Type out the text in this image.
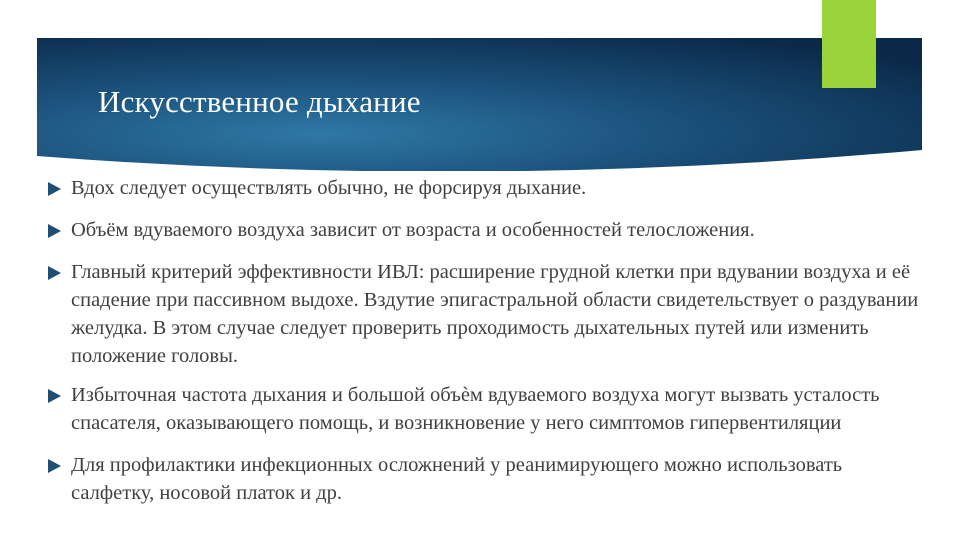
Искусственное дыхание
Вдох следует осуществлять обычно, не форсируя дыхание.
Объём вдуваемого воздуха зависит от возраста и особенностей телосложения.
Главный критерий эффективности ИВЛ: расширение грудной клетки при вдувании воздуха и её спадение при пассивном выдохе. Вздутие эпигастральной области свидетельствует о раздувании желудка. В этом случае следует проверить проходимость дыхательных путей или изменить положение головы.
Избыточная частота дыхания и большой объѐм вдуваемого воздуха могут вызвать усталость спасателя, оказывающего помощь, и возникновение у него симптомов гипервентиляции
Для профилактики инфекционных осложнений у реанимирующего можно использовать салфетку, носовой платок и др.
